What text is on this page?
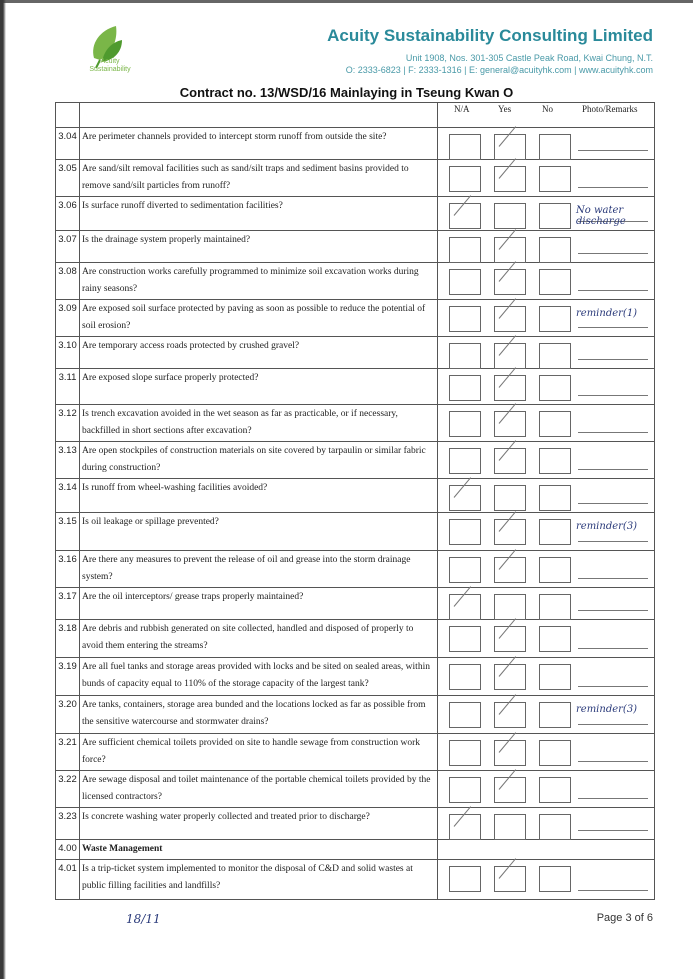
Acuity
Sustainability
Acuity Sustainability Consulting Limited
Unit 1908, Nos. 301-305 Castle Peak Road, Kwai Chung, N.T.
O: 2333-6823 | F: 2333-1316 | E: general@acuityhk.com | www.acuityhk.com
Contract no. 13/WSD/16 Mainlaying in Tseung Kwan O

		N/A Yes No Photo/Remarks

3.04	Are perimeter channels provided to intercept storm runoff from outside the site?	

3.05	Are sand/silt removal facilities such as sand/silt traps and sediment basins provided to remove sand/silt particles from runoff?	

3.06	Is surface runoff diverted to sedimentation facilities?	No water discharge

3.07	Is the drainage system properly maintained?	

3.08	Are construction works carefully programmed to minimize soil excavation works during rainy seasons?	

3.09	Are exposed soil surface protected by paving as soon as possible to reduce the potential of soil erosion?	reminder(1)

3.10	Are temporary access roads protected by crushed gravel?	

3.11	Are exposed slope surface properly protected?	

3.12	Is trench excavation avoided in the wet season as far as practicable, or if necessary, backfilled in short sections after excavation?	

3.13	Are open stockpiles of construction materials on site covered by tarpaulin or similar fabric during construction?	

3.14	Is runoff from wheel-washing facilities avoided?	

3.15	Is oil leakage or spillage prevented?	reminder(3)

3.16	Are there any measures to prevent the release of oil and grease into the storm drainage system?	

3.17	Are the oil interceptors/ grease traps properly maintained?	

3.18	Are debris and rubbish generated on site collected, handled and disposed of properly to avoid them entering the streams?	

3.19	Are all fuel tanks and storage areas provided with locks and be sited on sealed areas, within bunds of capacity equal to 110% of the storage capacity of the largest tank?	

3.20	Are tanks, containers, storage area bunded and the locations locked as far as possible from the sensitive watercourse and stormwater drains?	reminder(3)

3.21	Are sufficient chemical toilets provided on site to handle sewage from construction work force?	

3.22	Are sewage disposal and toilet maintenance of the portable chemical toilets provided by the licensed contractors?	

3.23	Is concrete washing water properly collected and treated prior to discharge?	

4.00	Waste Management	
4.01	Is a trip-ticket system implemented to monitor the disposal of C&D and solid wastes at public filling facilities and landfills?	
18/11	Page 3 of 6
